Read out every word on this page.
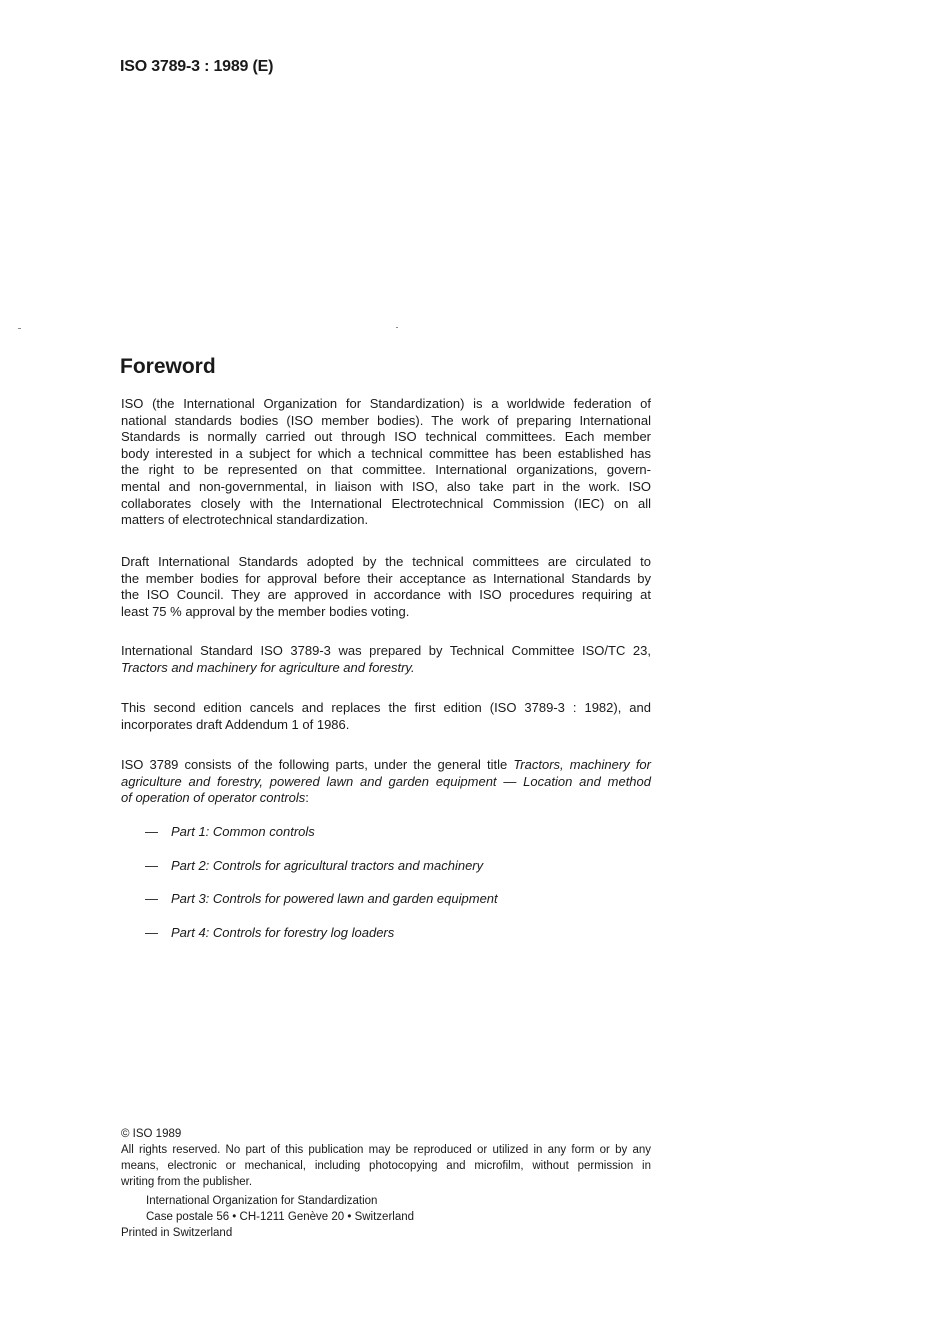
ISO 3789-3 : 1989 (E)
Foreword
ISO (the International Organization for Standardization) is a worldwide federation of
national standards bodies (ISO member bodies). The work of preparing International
Standards is normally carried out through ISO technical committees. Each member
body interested in a subject for which a technical committee has been established has
the right to be represented on that committee. International organizations, govern-
mental and non-governmental, in liaison with ISO, also take part in the work. ISO
collaborates closely with the International Electrotechnical Commission (IEC) on all
matters of electrotechnical standardization.
Draft International Standards adopted by the technical committees are circulated to
the member bodies for approval before their acceptance as International Standards by
the ISO Council. They are approved in accordance with ISO procedures requiring at
least 75 % approval by the member bodies voting.
International Standard ISO 3789-3 was prepared by Technical Committee ISO/TC 23,
Tractors and machinery for agriculture and forestry.
This second edition cancels and replaces the first edition (ISO 3789-3 : 1982), and
incorporates draft Addendum 1 of 1986.
ISO 3789 consists of the following parts, under the general title Tractors, machinery for
agriculture and forestry, powered lawn and garden equipment — Location and method
of operation of operator controls:
— Part 1: Common controls
— Part 2: Controls for agricultural tractors and machinery
— Part 3: Controls for powered lawn and garden equipment
— Part 4: Controls for forestry log loaders
© ISO 1989
All rights reserved. No part of this publication may be reproduced or utilized in any form or by any
means, electronic or mechanical, including photocopying and microfilm, without permission in
writing from the publisher.
International Organization for Standardization
Case postale 56 • CH-1211 Genève 20 • Switzerland
Printed in Switzerland
